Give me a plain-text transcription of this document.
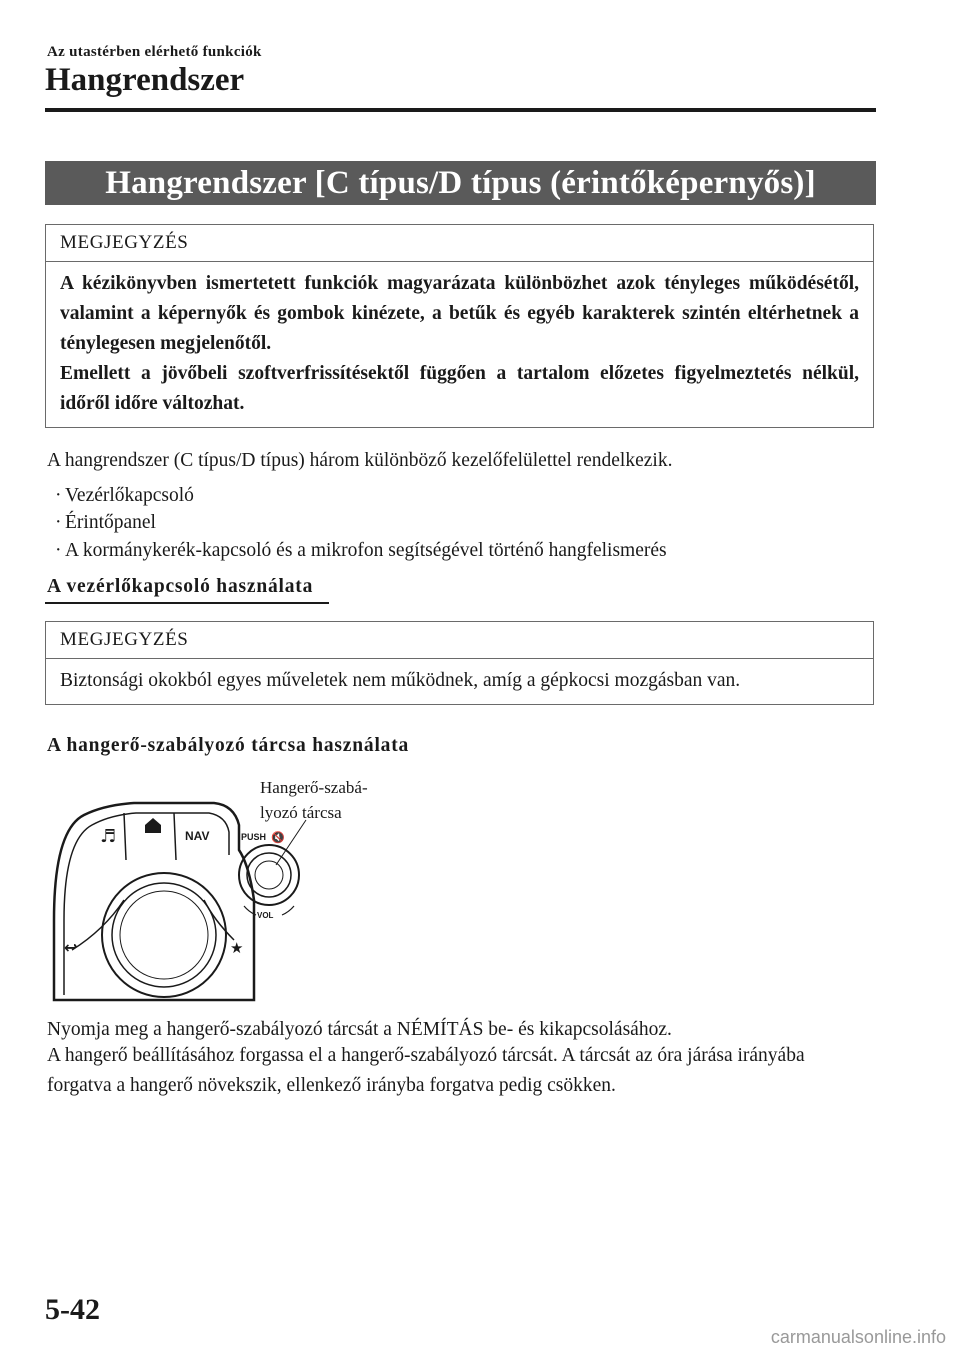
Az utastérben elérhető funkciók
Hangrendszer
Hangrendszer [C típus/D típus (érintőképernyős)]
MEGJEGYZÉS
A kézikönyvben ismertetett funkciók magyarázata különbözhet azok tényleges működésétől, valamint a képernyők és gombok kinézete, a betűk és egyéb karakterek szintén eltérhetnek a ténylegesen megjelenőtől.
Emellett a jövőbeli szoftverfrissítésektől függően a tartalom előzetes figyelmeztetés nélkül, időről időre változhat.
A hangrendszer (C típus/D típus) három különböző kezelőfelülettel rendelkezik.
· Vezérlőkapcsoló
· Érintőpanel
· A kormánykerék-kapcsoló és a mikrofon segítségével történő hangfelismerés
A vezérlőkapcsoló használata
MEGJEGYZÉS
Biztonsági okokból egyes műveletek nem működnek, amíg a gépkocsi mozgásban van.
A hangerő-szabályozó tárcsa használata
♬	NAV
↩	★
PUSH 🔇
VOL
Hangerő-szabá-
lyozó tárcsa
Nyomja meg a hangerő-szabályozó tárcsát a NÉMÍTÁS be- és kikapcsolásához.
A hangerő beállításához forgassa el a hangerő-szabályozó tárcsát. A tárcsát az óra járása irányába forgatva a hangerő növekszik, ellenkező irányba forgatva pedig csökken.
5-42
carmanualsonline.info
